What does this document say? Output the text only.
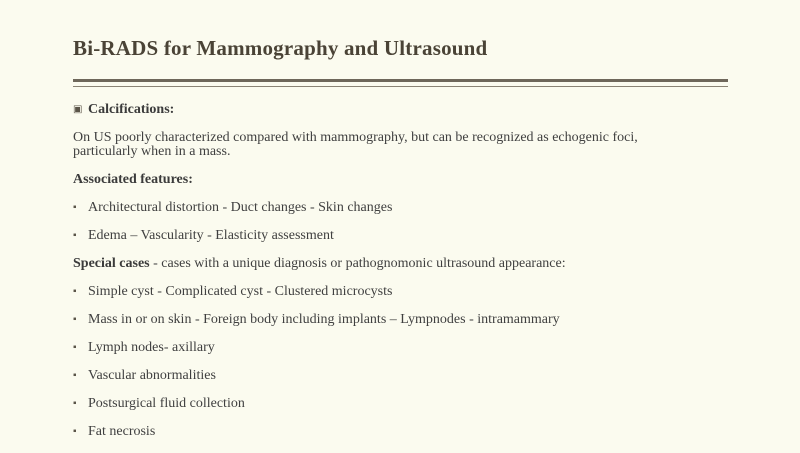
Bi-RADS for Mammography and Ultrasound
▣ Calcifications:
On US poorly characterized compared with mammography, but can be recognized as echogenic foci,
particularly when in a mass.
Associated features:
▪ Architectural distortion - Duct changes - Skin changes
▪ Edema – Vascularity - Elasticity assessment
Special cases - cases with a unique diagnosis or pathognomonic ultrasound appearance:
▪ Simple cyst - Complicated cyst - Clustered microcysts
▪ Mass in or on skin - Foreign body including implants – Lympnodes - intramammary
▪ Lymph nodes- axillary
▪ Vascular abnormalities
▪ Postsurgical fluid collection
▪ Fat necrosis
